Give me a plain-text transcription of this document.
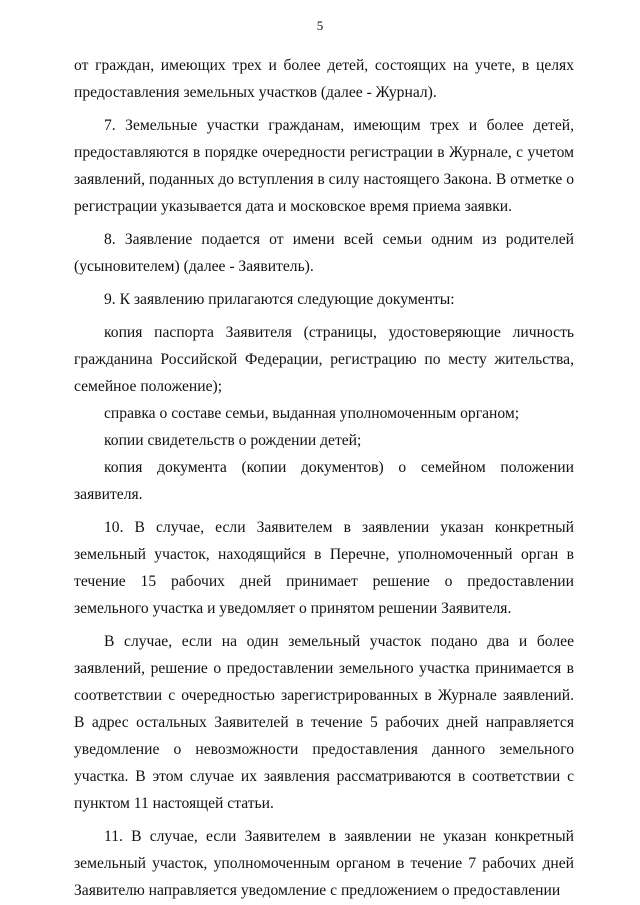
5

от граждан, имеющих трех и более детей, состоящих на учете, в целях предоставления земельных участков (далее - Журнал).

7. Земельные участки гражданам, имеющим трех и более детей, предоставляются в порядке очередности регистрации в Журнале, с учетом заявлений, поданных до вступления в силу настоящего Закона. В отметке о регистрации указывается дата и московское время приема заявки.

8. Заявление подается от имени всей семьи одним из родителей (усыновителем) (далее - Заявитель).

9. К заявлению прилагаются следующие документы:

копия паспорта Заявителя (страницы, удостоверяющие личность гражданина Российской Федерации, регистрацию по месту жительства, семейное положение);

справка о составе семьи, выданная уполномоченным органом;

копии свидетельств о рождении детей;

копия документа (копии документов) о семейном положении заявителя.

10. В случае, если Заявителем в заявлении указан конкретный земельный участок, находящийся в Перечне, уполномоченный орган в течение 15 рабочих дней принимает решение о предоставлении земельного участка и уведомляет о принятом решении Заявителя.

В случае, если на один земельный участок подано два и более заявлений, решение о предоставлении земельного участка принимается в соответствии с очередностью зарегистрированных в Журнале заявлений. В адрес остальных Заявителей в течение 5 рабочих дней направляется уведомление о невозможности предоставления данного земельного участка. В этом случае их заявления рассматриваются в соответствии с пунктом 11 настоящей статьи.

11. В случае, если Заявителем в заявлении не указан конкретный земельный участок, уполномоченным органом в течение 7 рабочих дней Заявителю направляется уведомление с предложением о предоставлении
